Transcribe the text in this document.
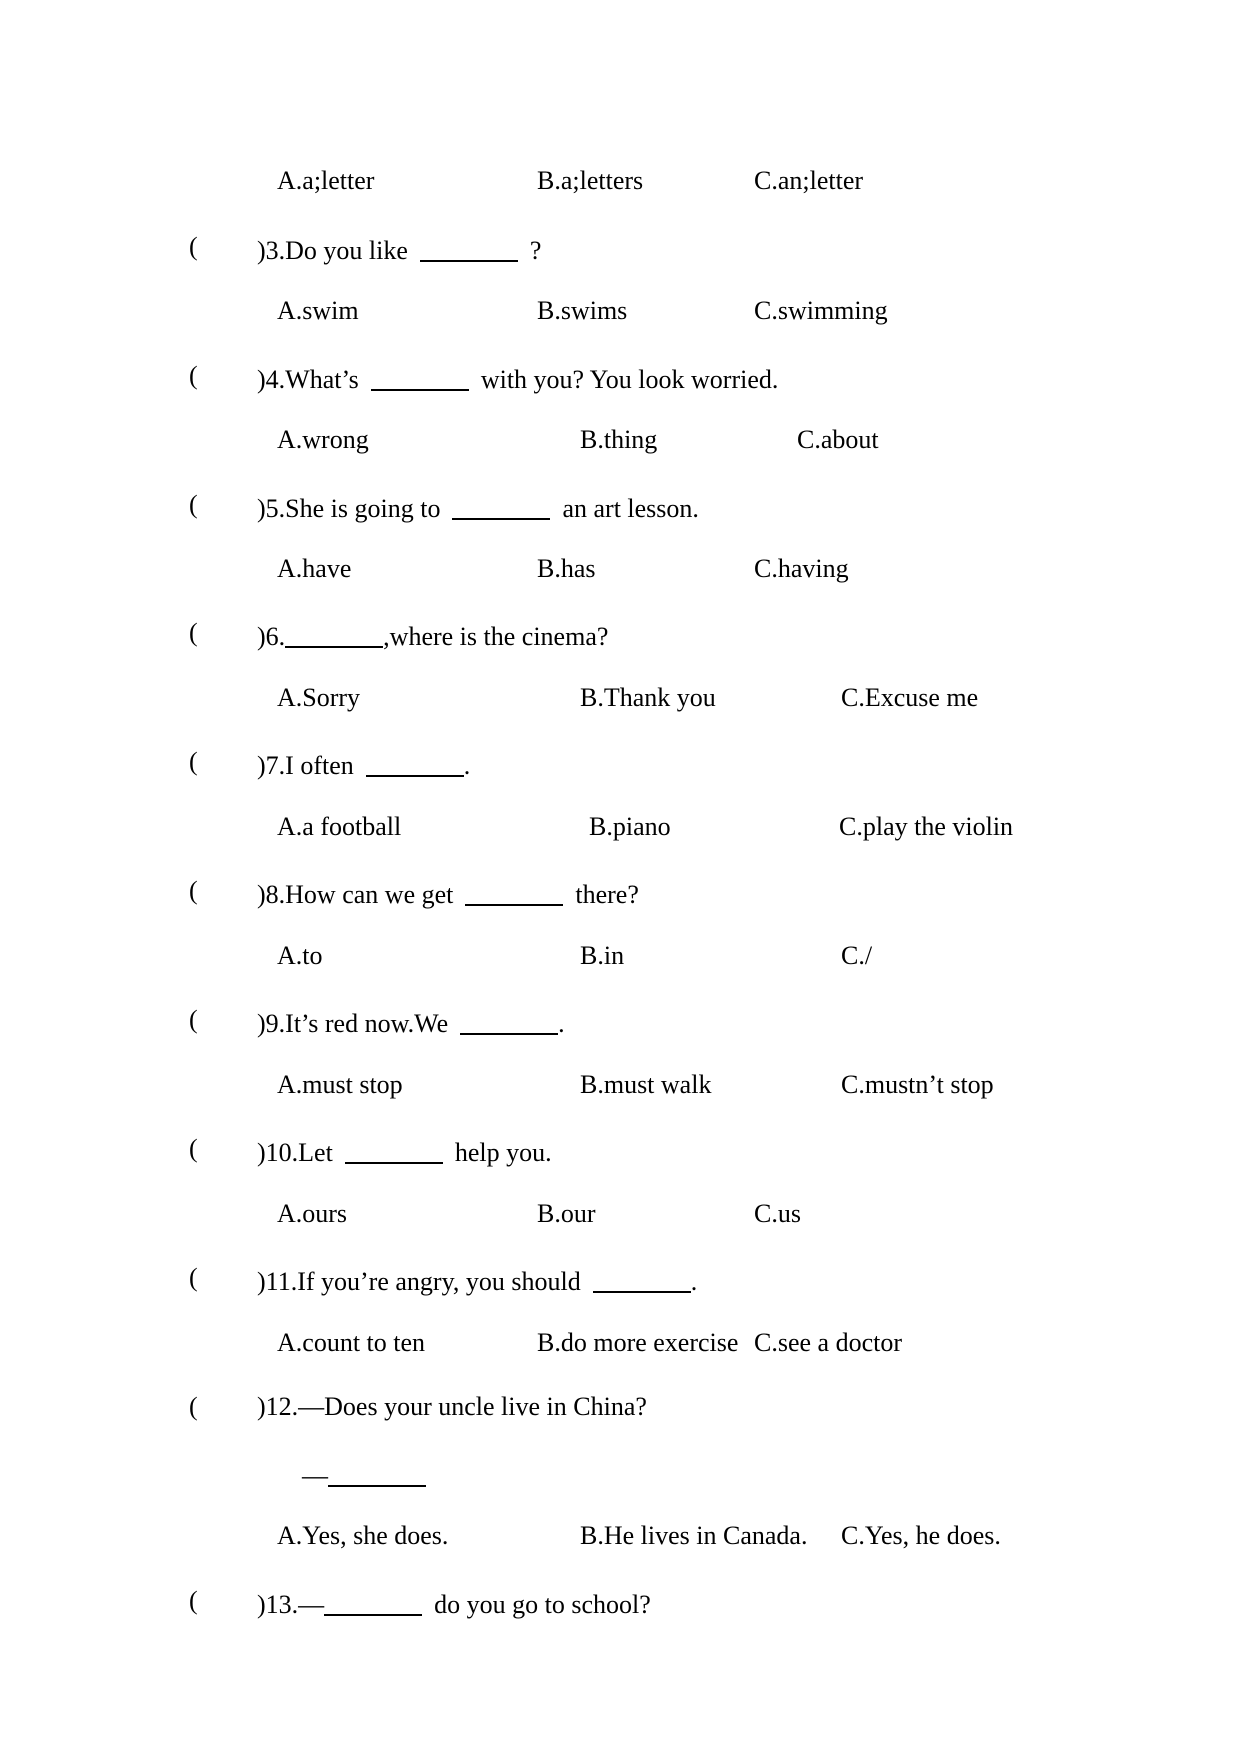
A.a;letter	B.a;letters	C.an;letter
( )3.Do you like	?
A.swim	B.swims	C.swimming
( )4.What’s	with you? You look worried.
A.wrong	B.thing	C.about
( )5.She is going to	an art lesson.
A.have	B.has	C.having
( )6.	,where is the cinema?
A.Sorry	B.Thank you	C.Excuse me
( )7.I often	.
A.a football	B.piano	C.play the violin
( )8.How can we get	there?
A.to	B.in	C./
( )9.It’s red now.We	.
A.must stop	B.must walk	C.mustn’t stop
( )10.Let	help you.
A.ours	B.our	C.us
( )11.If you’re angry, you should	.
A.count to ten	B.do more exercise C.see a doctor
( )12.—Does your uncle live in China?
—
A.Yes, she does.	B.He lives in Canada. C.Yes, he does.
( )13.—	do you go to school?
